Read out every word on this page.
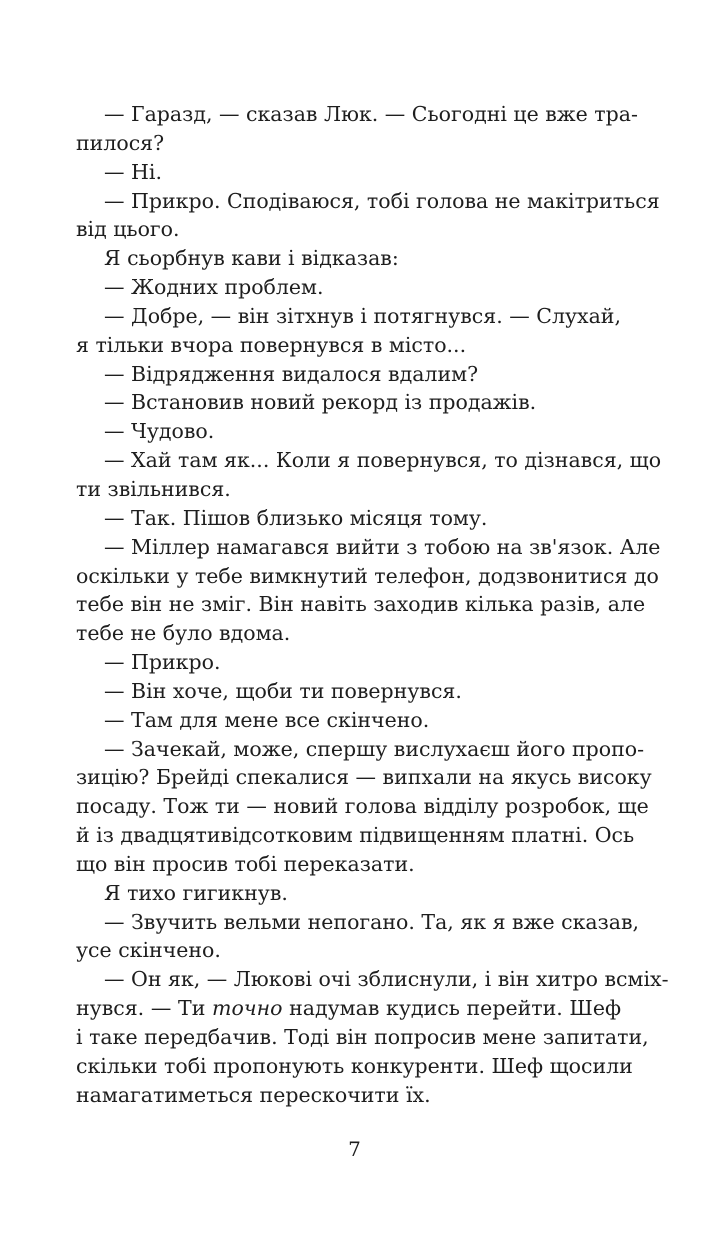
— Гаразд, — сказав Люк. — Сьогодні це вже тра-
пилося?
— Ні.
— Прикро. Сподіваюся, тобі голова не макітриться
від цього.
Я сьорбнув кави і відказав:
— Жодних проблем.
— Добре, — він зітхнув і потягнувся. — Слухай,
я тільки вчора повернувся в місто...
— Відрядження видалося вдалим?
— Встановив новий рекорд із продажів.
— Чудово.
— Хай там як... Коли я повернувся, то дізнався, що
ти звільнився.
— Так. Пішов близько місяця тому.
— Міллер намагався вийти з тобою на зв'язок. Але
оскільки у тебе вимкнутий телефон, додзвонитися до
тебе він не зміг. Він навіть заходив кілька разів, але
тебе не було вдома.
— Прикро.
— Він хоче, щоби ти повернувся.
— Там для мене все скінчено.
— Зачекай, може, спершу вислухаєш його пропо-
зицію? Брейді спекалися — випхали на якусь високу
посаду. Тож ти — новий голова відділу розробок, ще
й із двадцятивідсотковим підвищенням платні. Ось
що він просив тобі переказати.
Я тихо гигикнув.
— Звучить вельми непогано. Та, як я вже сказав,
усе скінчено.
— Он як, — Люкові очі зблиснули, і він хитро всміх-
нувся. — Ти точно надумав кудись перейти. Шеф
і таке передбачив. Тоді він попросив мене запитати,
скільки тобі пропонують конкуренти. Шеф щосили
намагатиметься перескочити їх.
7
